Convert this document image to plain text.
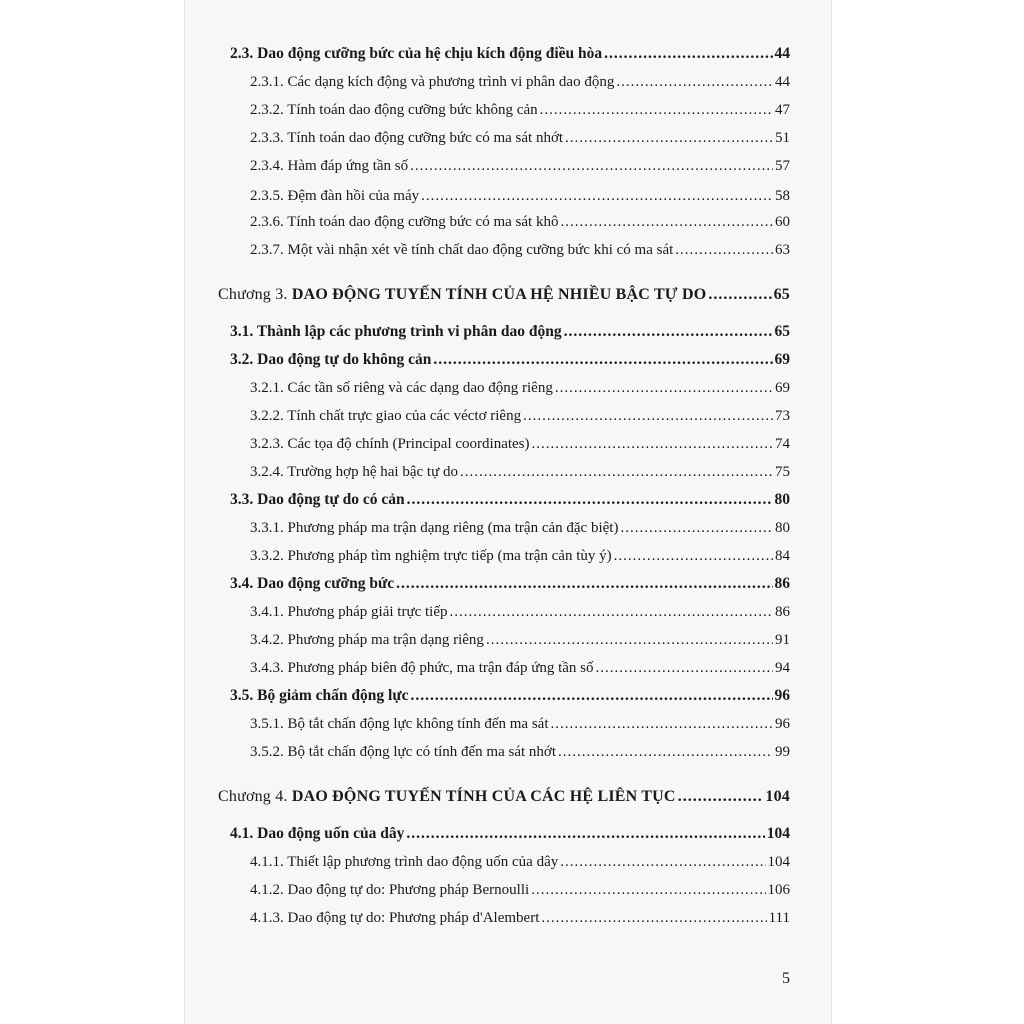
2.3. Dao động cưỡng bức của hệ chịu kích động điều hòa .....	44
2.3.1. Các dạng kích động và phương trình vi phân dao động .....	44
2.3.2. Tính toán dao động cưỡng bức không cản .....	47
2.3.3. Tính toán dao động cưỡng bức có ma sát nhớt .....	51
2.3.4. Hàm đáp ứng tần số .....	57
2.3.5. Đệm đàn hồi của máy .....	58
2.3.6. Tính toán dao động cưỡng bức có ma sát khô .....	60
2.3.7. Một vài nhận xét về tính chất dao động cưỡng bức khi có ma sát .....	63
Chương 3. DAO ĐỘNG TUYẾN TÍNH CỦA HỆ NHIỀU BẬC TỰ DO .....	65
3.1. Thành lập các phương trình vi phân dao động .....	65
3.2. Dao động tự do không cản .....	69
3.2.1. Các tần số riêng và các dạng dao động riêng .....	69
3.2.2. Tính chất trực giao của các véctơ riêng .....	73
3.2.3. Các tọa độ chính (Principal coordinates) .....	74
3.2.4. Trường hợp hệ hai bậc tự do .....	75
3.3. Dao động tự do có cản .....	80
3.3.1. Phương pháp ma trận dạng riêng (ma trận cản đặc biệt) .....	80
3.3.2. Phương pháp tìm nghiệm trực tiếp (ma trận cản tùy ý) .....	84
3.4. Dao động cưỡng bức .....	86
3.4.1. Phương pháp giải trực tiếp .....	86
3.4.2. Phương pháp ma trận dạng riêng .....	91
3.4.3. Phương pháp biên độ phức, ma trận đáp ứng tần số .....	94
3.5. Bộ giảm chấn động lực .....	96
3.5.1. Bộ tắt chấn động lực không tính đến ma sát .....	96
3.5.2. Bộ tắt chấn động lực có tính đến ma sát nhớt .....	99
Chương 4. DAO ĐỘNG TUYẾN TÍNH CỦA CÁC HỆ LIÊN TỤC .....	104
4.1. Dao động uốn của dây .....	104
4.1.1. Thiết lập phương trình dao động uốn của dây .....	104
4.1.2. Dao động tự do: Phương pháp Bernoulli .....	106
4.1.3. Dao động tự do: Phương pháp d'Alembert .....	111
5
